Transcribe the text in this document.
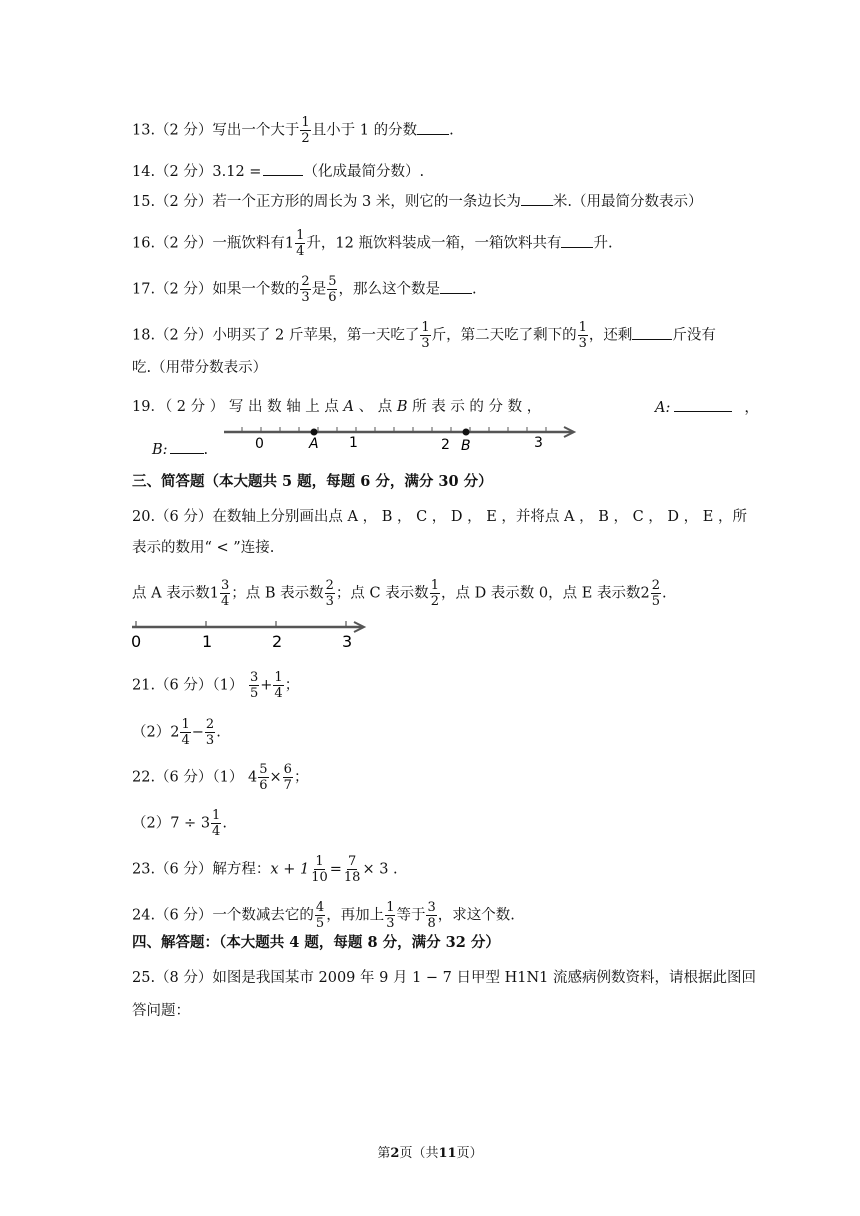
13.（2 分）写出一个大于 $\frac{1}{2}$ 且小于 1 的分数 .
14.（2 分）3.12 =	（化成最简分数）.
15.（2 分）若一个正方形的周长为 3 米，则它的一条边长为 米.（用最简分数表示）
16.（2 分）一瓶饮料有$1 \frac{1}{4}$ 升，12 瓶饮料装成一箱，一箱饮料共有 升.
17.（2 分）如果一个数的 $\frac{2}{3}$ 是 $\frac{5}{6}$ ，那么这个数是 .
18.（2 分）小明买了 2 斤苹果，第一天吃了 $\frac{1}{3}$ 斤，第二天吃了剩下的 $\frac{1}{3}$ ，还剩	斤没有
吃.（用带分数表示）
19．（ 2 分 ） 写 出 数 轴 上 点 A 、 点 B 所 表 示 的 分 数 ，	A:	，
B: .	0	1	2	3
A	B
三、简答题（本大题共 5 题，每题 6 分，满分 30 分）
20.（6 分）在数轴上分别画出点 A ， B ， C ， D ， E ，并将点 A ， B ， C ， D ， E ，所
表示的数用“ < ”连接.
点 A 表示数$1 \frac{3}{4}$ ；点 B 表示数 $\frac{2}{3}$ ；点 C 表示数 $\frac{1}{2}$ ，点 D 表示数 0，点 E 表示数$2 \frac{2}{5}$ .
0	1	2	3
21.（6 分）$(1) \frac{3}{5} + \frac{1}{4}$ ；
$(2)2 \frac{1}{4} - \frac{2}{3}$ .
22.（6 分）（1） $4 \frac{5}{6} \times \frac{6}{7}$ ；
$(2)7 \div 3 \frac{1}{4}$ .
23.（6 分）解方程：$x + 1 \frac{1}{10} = \frac{7}{18} \times 3$ .
24.（6 分）一个数减去它的 $\frac{4}{5}$ ，再加上 $\frac{1}{3}$ 等于 $\frac{3}{8}$ ，求这个数.
四、解答题：（本大题共 4 题，每题 8 分，满分 32 分）
25.（8 分）如图是我国某市 2009 年 9 月 1 − 7 日甲型 H1N1 流感病例数资料，请根据此图回
答问题：
第2页（共11页）
